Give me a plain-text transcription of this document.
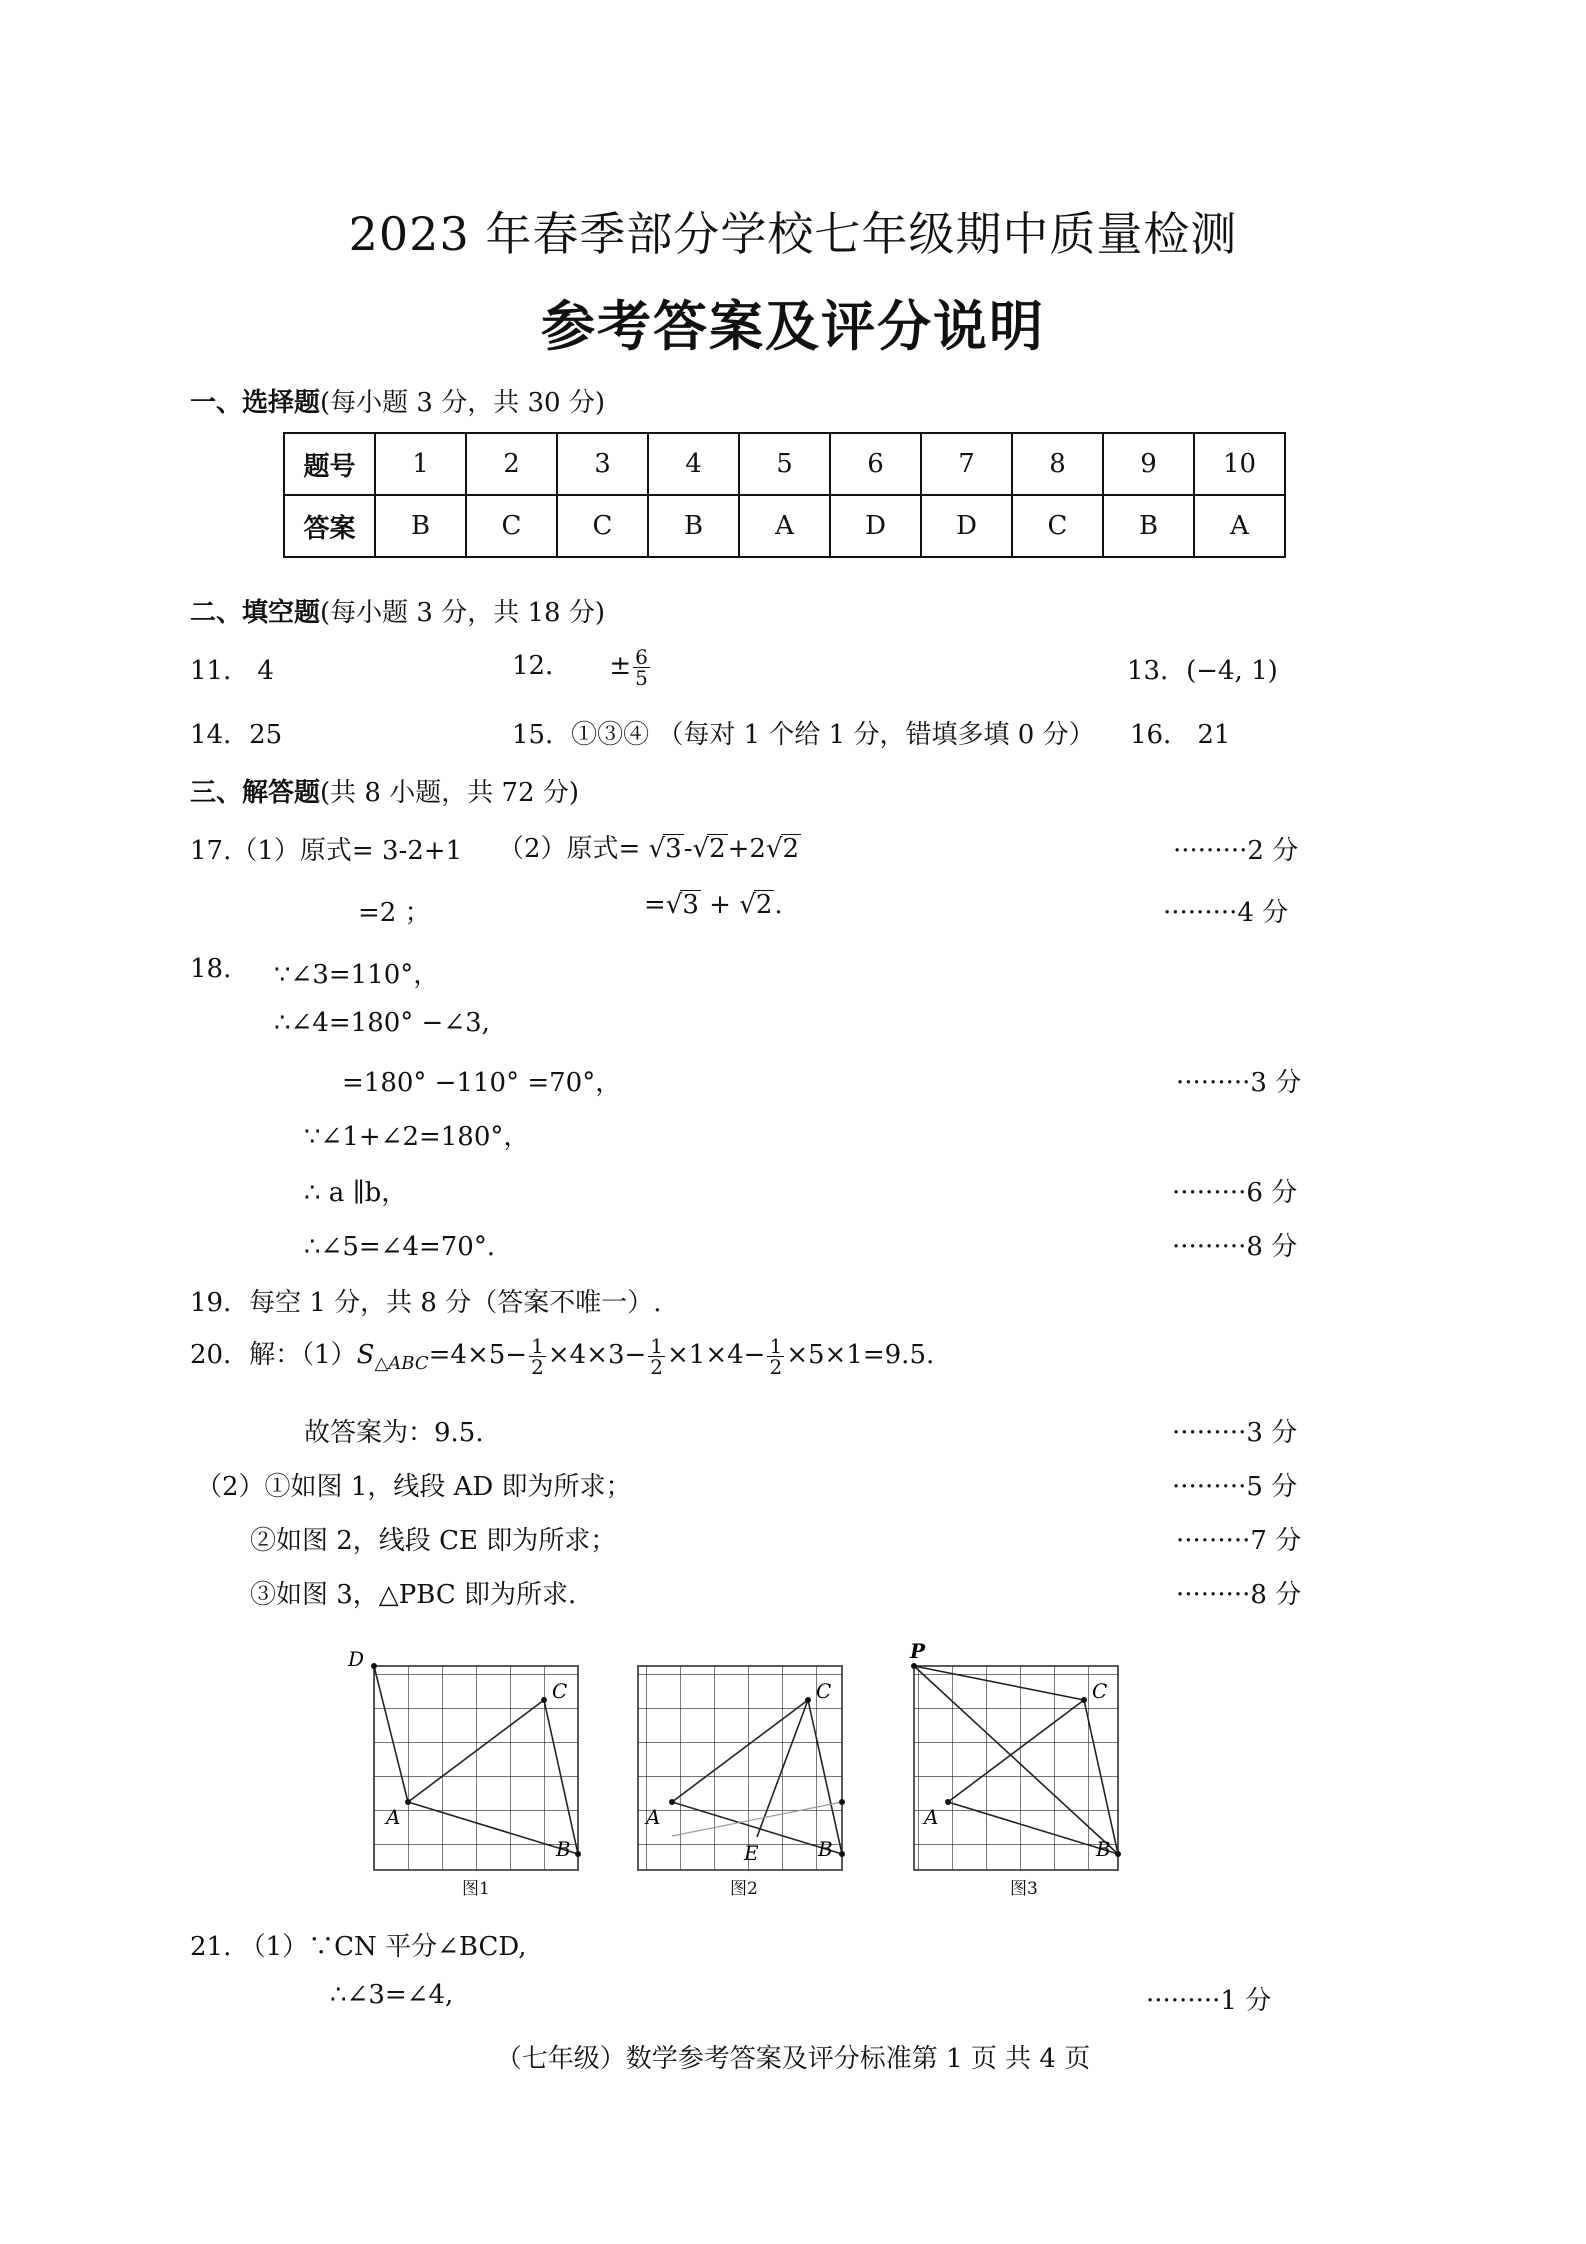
2023 年春季部分学校七年级期中质量检测
参考答案及评分说明
一、选择题(每小题 3 分，共 30 分)
题号	1	2	3	4	5	6	7	8	9	10
答案	B	C	C	B	A	D	D	C	B	A
二、填空题(每小题 3 分，共 18 分)
11． 4	12． ± $\frac{6}{5}$	13．(−4, 1)
14．25	15．①③④ （每对 1 个给 1 分，错填多填 0 分） 16． 21
三、解答题(共 8 小题，共 72 分)
17.（1）原式= 3-2+1 （2）原式= √3-√2+2√2	·········2 分
=2 ；	=√3 + √2.	·········4 分
18. ∵∠3=110°，
∴∠4=180° −∠3,
=180° −110° =70°，	·········3 分
∵∠1+∠2=180°，
∴ a ∥b，	·········6 分
∴∠5=∠4=70°．	·········8 分
19．每空 1 分，共 8 分（答案不唯一）.
20．解：$(1)S_{\triangle ABC}=4\times 5- \frac{1}{2} \times 4\times 3- \frac{1}{2} \times 1\times 4- \frac{1}{2} \times 5\times 1=9.5$.
故答案为：9.5.	·········3 分
（2）①如图 1，线段 AD 即为所求；	·········5 分
②如图 2，线段 CE 即为所求；	·········7 分
③如图 3，△PBC 即为所求.	·········8 分
D
A
C
B
A
C
B
E
P
A
C
B
图1	图2	图3
21. （1）∵CN 平分∠BCD,
∴∠3=∠4,	·········1 分
（七年级）数学参考答案及评分标准第 1 页 共 4 页
